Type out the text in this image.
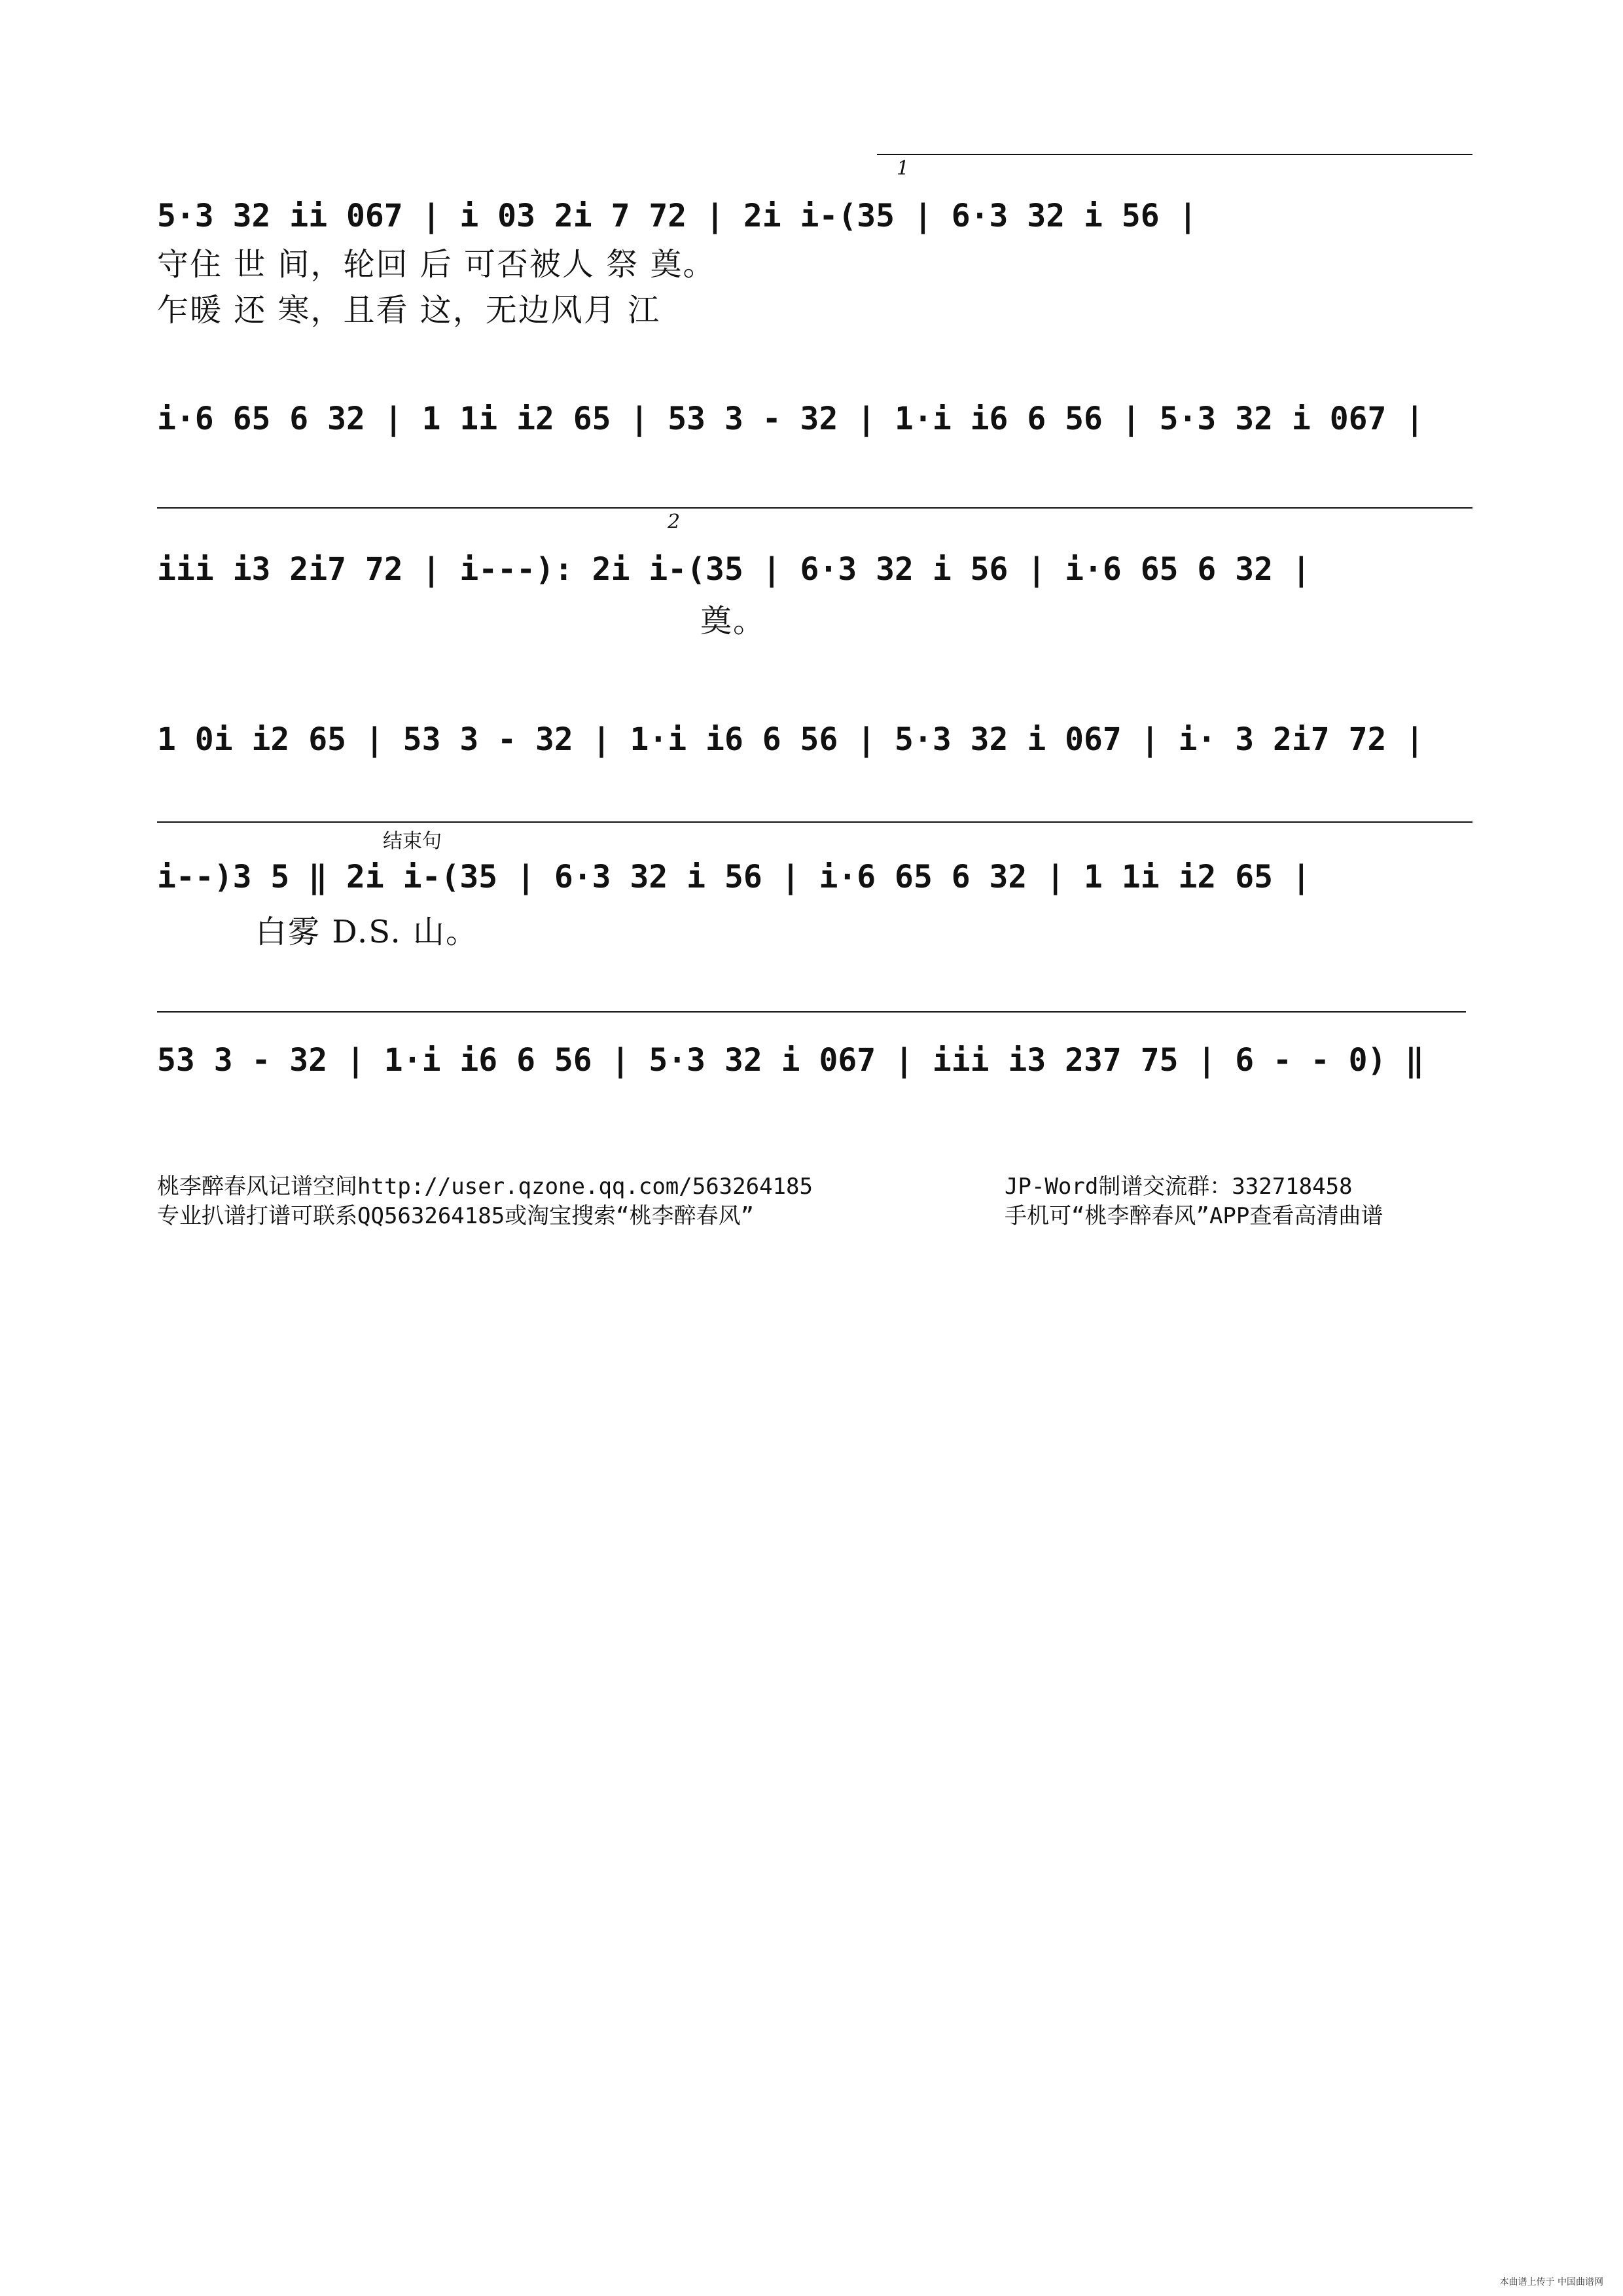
1
5·3 32 ii 067 | i 03 2i 7 72 | 2i i-(35 | 6·3 32 i 56 |
守住 世 间，轮回 后 可否被人 祭 奠。
乍暖 还 寒，且看 这，无边风月 江
i·6 65 6 32 | 1 1i i2 65 | 53 3 - 32 | 1·i i6 6 56 | 5·3 32 i 067 |
2
iii i3 2i7 72 | i---): 2i i-(35 | 6·3 32 i 56 | i·6 65 6 32 |
奠。
1 0i i2 65 | 53 3 - 32 | 1·i i6 6 56 | 5·3 32 i 067 | i· 3 2i7 72 |
结束句
i--)3 5 ‖ 2i i-(35 | 6·3 32 i 56 | i·6 65 6 32 | 1 1i i2 65 |
白雾 D.S. 山。
53 3 - 32 | 1·i i6 6 56 | 5·3 32 i 067 | iii i3 237 75 | 6 - - 0) ‖
桃李醉春风记谱空间http://user.qzone.qq.com/563264185
专业扒谱打谱可联系QQ563264185或淘宝搜索“桃李醉春风”
JP-Word制谱交流群：332718458
手机可“桃李醉春风”APP查看高清曲谱
本曲谱上传于 中国曲谱网
